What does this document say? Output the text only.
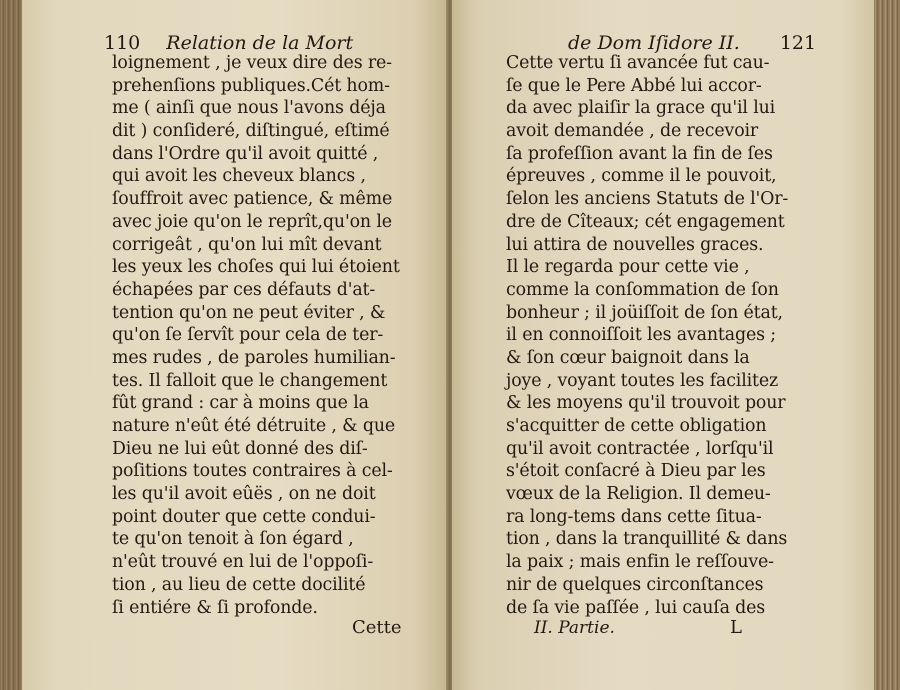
110 Relation de la Mort
loignement , je veux dire des re-
prehenſions publiques.Cét hom-
me ( ainſi que nous l'avons déja
dit ) conſideré, diſtingué, eſtimé
dans l'Ordre qu'il avoit quitté ,
qui avoit les cheveux blancs ,
ſouffroit avec patience, & même
avec joie qu'on le reprît,qu'on le
corrigeât , qu'on lui mît devant
les yeux les choſes qui lui étoient
échapées par ces défauts d'at-
tention qu'on ne peut éviter , &
qu'on ſe ſervît pour cela de ter-
mes rudes , de paroles humilian-
tes. Il falloit que le changement
fût grand : car à moins que la
nature n'eût été détruite , & que
Dieu ne lui eût donné des diſ-
poſitions toutes contraires à cel-
les qu'il avoit eûës , on ne doit
point douter que cette condui-
te qu'on tenoit à ſon égard ,
n'eût trouvé en lui de l'oppoſi-
tion , au lieu de cette docilité
ſi entiére & ſi profonde.
Cette
de Dom Iſidore II. 121
Cette vertu ſi avancée fut cau-
ſe que le Pere Abbé lui accor-
da avec plaiſir la grace qu'il lui
avoit demandée , de recevoir
ſa profeſſion avant la fin de ſes
épreuves , comme il le pouvoit,
ſelon les anciens Statuts de l'Or-
dre de Cîteaux; cét engagement
lui attira de nouvelles graces.
Il le regarda pour cette vie ,
comme la conſommation de ſon
bonheur ; il joüiſſoit de ſon état,
il en connoiſſoit les avantages ;
& ſon cœur baignoit dans la
joye , voyant toutes les facilitez
& les moyens qu'il trouvoit pour
s'acquitter de cette obligation
qu'il avoit contractée , lorſqu'il
s'étoit conſacré à Dieu par les
vœux de la Religion. Il demeu-
ra long-tems dans cette ſitua-
tion , dans la tranquillité & dans
la paix ; mais enfin le reſſouve-
nir de quelques circonſtances
de ſa vie paſſée , lui cauſa des
II. Partie.	L
